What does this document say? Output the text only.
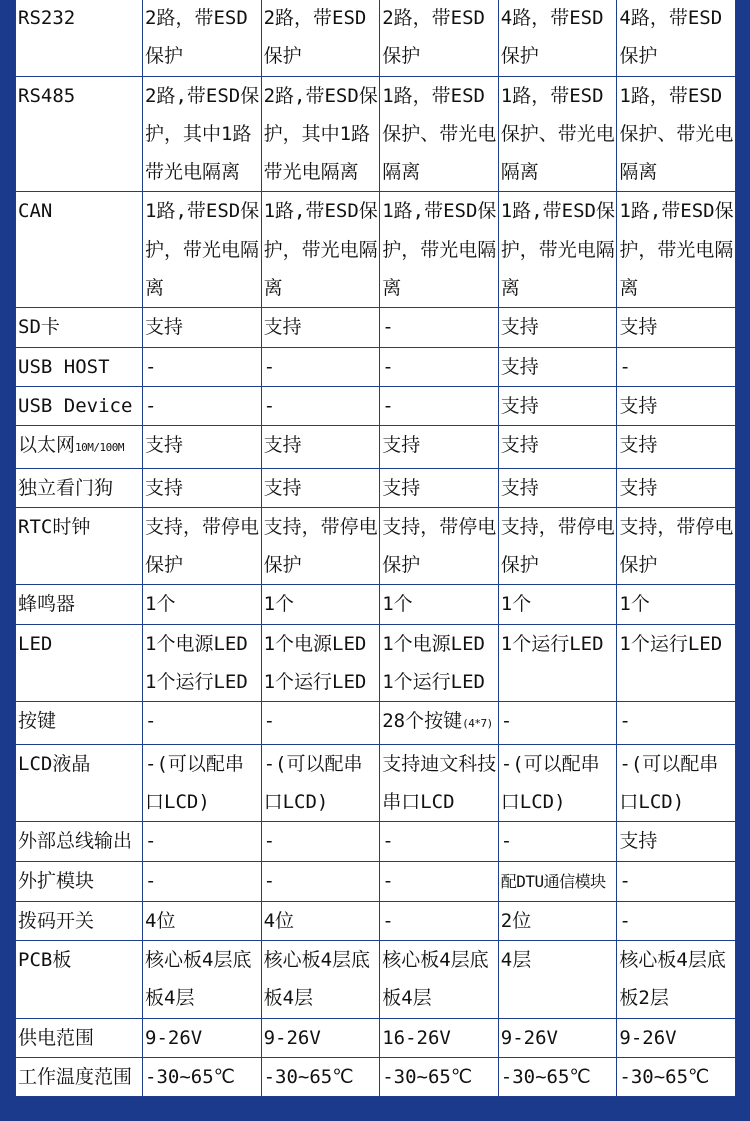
RS232	2路，带ESD保护	2路，带ESD保护	2路，带ESD保护	4路，带ESD保护	4路，带ESD保护
RS485	2路,带ESD保护，其中1路带光电隔离	2路,带ESD保护，其中1路带光电隔离	1路，带ESD保护、带光电隔离	1路，带ESD保护、带光电隔离	1路，带ESD保护、带光电隔离
CAN	1路,带ESD保护，带光电隔离	1路,带ESD保护，带光电隔离	1路,带ESD保护，带光电隔离	1路,带ESD保护，带光电隔离	1路,带ESD保护，带光电隔离
SD卡	支持	支持	-	支持	支持
USB HOST	-	-	-	支持	-
USB Device	-	-	-	支持	支持
以太网10M/100M	支持	支持	支持	支持	支持
独立看门狗	支持	支持	支持	支持	支持
RTC时钟	支持，带停电保护	支持，带停电保护	支持，带停电保护	支持，带停电保护	支持，带停电保护
蜂鸣器	1个	1个	1个	1个	1个
LED	1个电源LED 1个运行LED	1个电源LED 1个运行LED	1个电源LED 1个运行LED	1个运行LED	1个运行LED
按键	-	-	28个按键(4*7)	-	-
LCD液晶	-(可以配串口LCD)	-(可以配串口LCD)	支持迪文科技串口LCD	-(可以配串口LCD)	-(可以配串口LCD)
外部总线输出	-	-	-	-	支持
外扩模块	-	-	-	配DTU通信模块	-
拨码开关	4位	4位	-	2位	-
PCB板	核心板4层底板4层	核心板4层底板4层	核心板4层底板4层	4层	核心板4层底板2层
供电范围	9-26V	9-26V	16-26V	9-26V	9-26V
工作温度范围	-30~65℃	-30~65℃	-30~65℃	-30~65℃	-30~65℃
